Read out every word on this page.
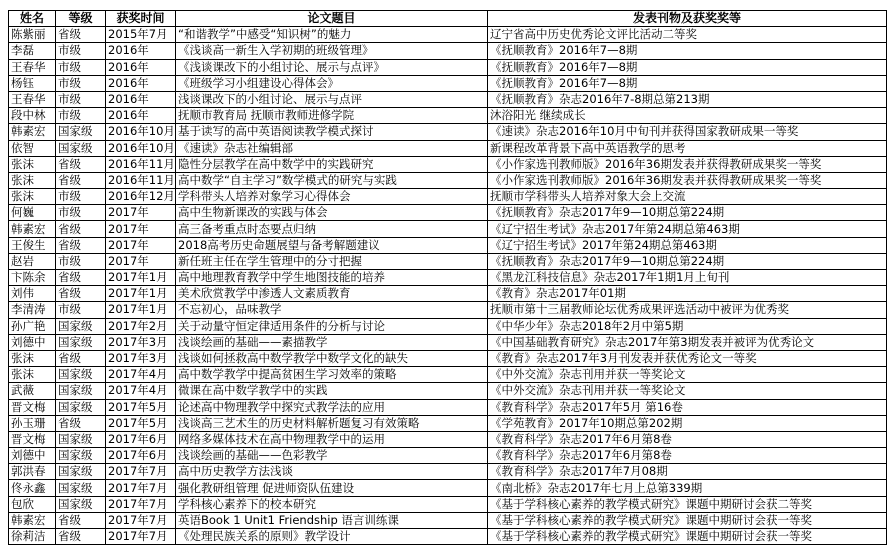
姓名	等级	获奖时间	论文题目	发表刊物及获奖奖等
陈紫丽	省级	2015年7月	“和谐教学”中感受“知识树”的魅力	辽宁省高中历史优秀论文评比活动二等奖
李磊	市级	2016年	《浅谈高一新生入学初期的班级管理》	《抚顺教育》2016年7—8期
王春华	市级	2016年	《浅谈课改下的小组讨论、展示与点评》	《抚顺教育》2016年7—8期
杨钰	市级	2016年	《班级学习小组建设心得体会》	《抚顺教育》2016年7—8期
王春华	市级	2016年	浅谈课改下的小组讨论、展示与点评	《抚顺教育》杂志2016年7-8期总第213期
段中林	市级	2016年	抚顺市教育局 抚顺市教师进修学院	沐浴阳光 继续成长
韩素宏	国家级	2016年10月	基于读写的高中英语阅读教学模式探讨	《速读》杂志2016年10月中旬刊并获得国家教研成果一等奖
依智	国家级	2016年10月	《速读》杂志社编辑部	新课程改革背景下高中英语教学的思考
张沫	省级	2016年11月	隐性分层教学在高中数学中的实践研究	《小作家选刊教师版》2016年36期发表并获得教研成果奖一等奖
张沫	省级	2016年11月	高中数学“自主学习”数学模式的研究与实践	《小作家选刊教师版》2016年36期发表并获得教研成果奖一等奖
张沫	市级	2016年12月	学科带头人培养对象学习心得体会	抚顺市学科带头人培养对象大会上交流
何巍	市级	2017年	高中生物新课改的实践与体会	《抚顺教育》杂志2017年9—10期总第224期
韩素宏	省级	2017年	高三备考重点时态要点归纳	《辽宁招生考试》杂志2017年第24期总第463期
王俊生	省级	2017年	2018高考历史命题展望与备考解题建议	《辽宁招生考试》2017年第24期总第463期
赵岩	市级	2017年	新任班主任在学生管理中的分寸把握	《抚顺教育》杂志2017年9—10期总第224期
卞陈余	省级	2017年1月	高中地理教育教学中学生地图技能的培养	《黑龙江科技信息》杂志2017年1期1月上旬刊
刘伟	省级	2017年1月	美术欣赏教学中渗透人文素质教育	《教育》杂志2017年01期
李清涛	市级	2017年1月	不忘初心，品味教学	抚顺市第十三届教师论坛优秀成果评选活动中被评为优秀奖
孙广艳	国家级	2017年2月	关于动量守恒定律适用条件的分析与讨论	《中华少年》杂志2018年2月中第5期
刘德中	国家级	2017年3月	浅谈绘画的基础——素描教学	《中国基础教育研究》杂志2017年第3期发表并被评为优秀论文
张沫	省级	2017年3月	浅谈如何拯救高中数学教学中数学文化的缺失	《教育》杂志2017年3月刊发表并获优秀论文一等奖
张沫	国家级	2017年4月	高中数学教学中提高贫困生学习效率的策略	《中外交流》杂志刊用并获一等奖论文
武薇	国家级	2017年4月	微课在高中数学教学中的实践	《中外交流》杂志刊用并获一等奖论文
晋文梅	国家级	2017年5月	论述高中物理教学中探究式教学法的应用	《教育科学》杂志2017年5月 第16卷
孙玉珊	省级	2017年5月	浅谈高三艺术生的历史材料解析题复习有效策略	《学苑教育》2017年10期总第202期
晋文梅	国家级	2017年6月	网络多媒体技术在高中物理教学中的运用	《教育科学》杂志2017年6月第8卷
刘德中	国家级	2017年6月	浅谈绘画的基础——色彩教学	《教育科学》杂志2017年6月第8卷
郭洪春	国家级	2017年7月	高中历史教学方法浅谈	《教育科学》杂志2017年7月08期
佟永鑫	国家级	2017年7月	强化教研组管理 促进师资队伍建设	《南北桥》杂志2017年七月上总第339期
包欣	国家级	2017年7月	学科核心素养下的校本研究	《基于学科核心素养的教学模式研究》课题中期研讨会获二等奖
韩素宏	省级	2017年7月	英语Book 1 Unit1 Friendship 语言训练课	《基于学科核心素养的教学模式研究》课题中期研讨会获一等奖
徐莉洁	省级	2017年7月	《处理民族关系的原则》教学设计	《基于学科核心素养的教学模式研究》课题中期研讨会获一等奖
